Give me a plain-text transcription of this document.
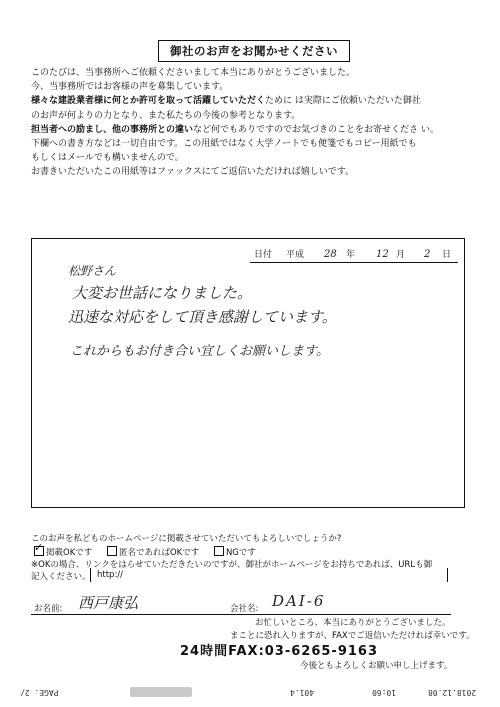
御社のお声をお聞かせください
このたびは、当事務所へご依頼くださいまして本当にありがとうございました。
今、当事務所ではお客様の声を募集しています。
様々な建設業者様に何とか許可を取って活躍していただくために は実際にご依頼いただいた御社
のお声が何よりの力となり、また私たちの今後の参考となります。
担当者への励まし、他の事務所との違いなど何でもありですのでお気づきのことをお寄せくださ い。
下欄への書き方などは一切自由です。この用紙ではなく大学ノートでも便箋でもコピー用紙でも
もしくはメールでも構いませんので。
お書きいただいたこの用紙等はファックスにてご返信いただければ嬉しいです。
日付 平成 28 年 12 月 2 日
松野さん
大変お世話になりました。
迅速な対応をして頂き感謝しています。
これからもお付き合い宜しくお願いします。
このお声を私どものホームページに掲載させていただいてもよろしいでしょうか?
✓掲載OKです	匿名であればOKです	NGです
※OKの場合、リンクをはらせていただきたいのですが、御社がホームページをお持ちであれば、URLも御
記入ください。 http://
お名前: 西戸康弘	会社名: DAI-6
お忙しいところ、本当にありがとうございました。
まことに恐れ入りますが、FAXでご返信いただければ幸いです。
24時間FAX:03-6265-9163
今後ともよろしくお願い申し上げます。
PAGE. 2/	401.4	10:60	2018.12.08
